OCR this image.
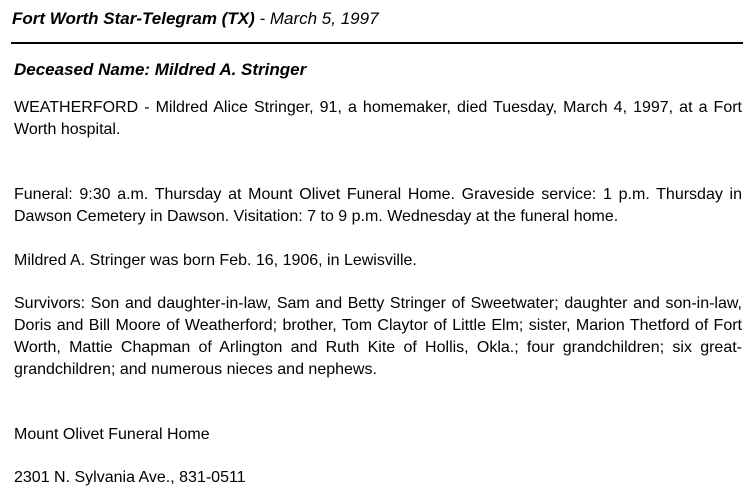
Fort Worth Star-Telegram (TX) - March 5, 1997
Deceased Name: Mildred A. Stringer
WEATHERFORD - Mildred Alice Stringer, 91, a homemaker, died Tuesday, March 4, 1997, at a Fort Worth hospital.
Funeral: 9:30 a.m. Thursday at Mount Olivet Funeral Home. Graveside service: 1 p.m. Thursday in Dawson Cemetery in Dawson. Visitation: 7 to 9 p.m. Wednesday at the funeral home.
Mildred A. Stringer was born Feb. 16, 1906, in Lewisville.
Survivors: Son and daughter-in-law, Sam and Betty Stringer of Sweetwater; daughter and son-in-law, Doris and Bill Moore of Weatherford; brother, Tom Claytor of Little Elm; sister, Marion Thetford of Fort Worth, Mattie Chapman of Arlington and Ruth Kite of Hollis, Okla.; four grandchildren; six great-grandchildren; and numerous nieces and nephews.
Mount Olivet Funeral Home
2301 N. Sylvania Ave., 831-0511
